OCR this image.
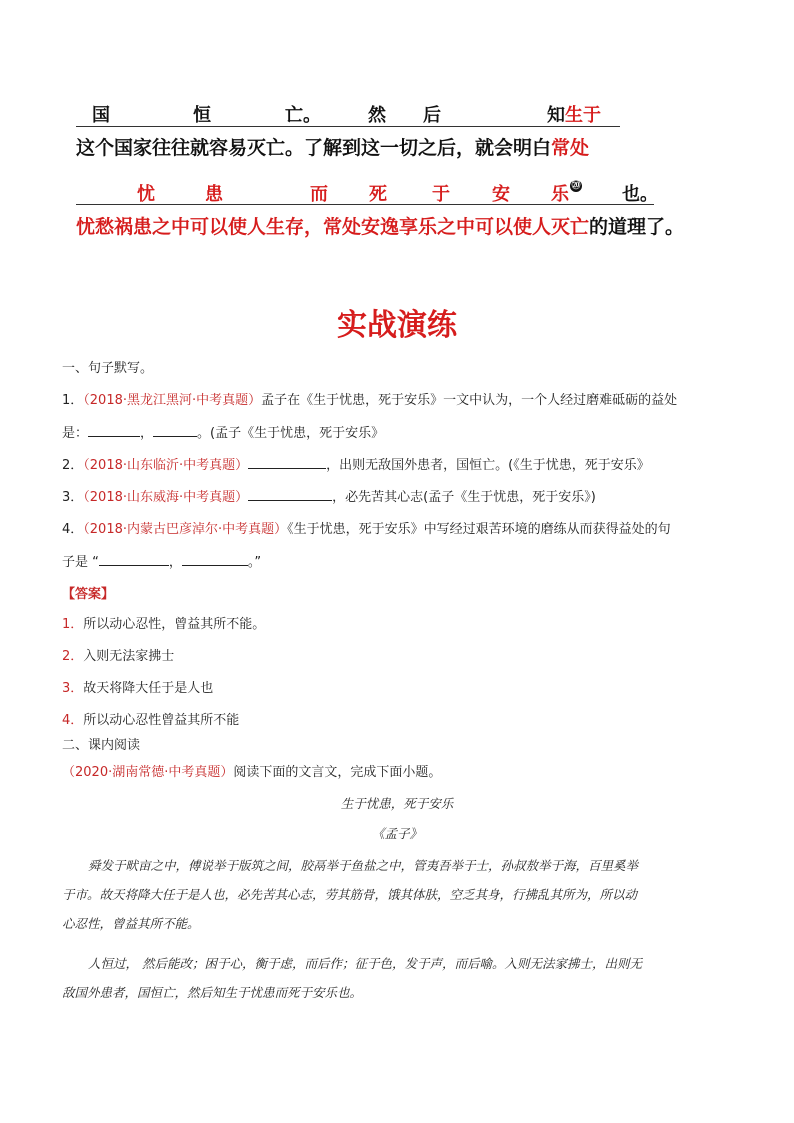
国	恒	亡。	然 后	知生于
这个国家往往就容易灭亡。了解到这一切之后，就会明白常处
忧	患	而 死	于 安 乐 ⑳ 也。
忧愁祸患之中可以使人生存，常处安逸享乐之中可以使人灭亡的道理了。
实战演练
一、句子默写。
1．（2018·黑龙江黑河·中考真题）孟子在《生于忧患，死于安乐》一文中认为，一个人经过磨难砥砺的益处
是：	，	。(孟子《生于忧患，死于安乐》
2．（2018·山东临沂·中考真题）	，出则无敌国外患者，国恒亡。(《生于忧患，死于安乐》
3．（2018·山东威海·中考真题）	，必先苦其心志(孟子《生于忧患，死于安乐》)
4．（2018·内蒙古巴彦淖尔·中考真题）《生于忧患，死于安乐》中写经过艰苦环境的磨练从而获得益处的句
子是 “	，	。”
【答案】
1．所以动心忍性，曾益其所不能。
2．入则无法家拂士
3．故天将降大任于是人也
4．所以动心忍性曾益其所不能
二、课内阅读
（2020·湖南常德·中考真题）阅读下面的文言文，完成下面小题。
生于忧患，死于安乐
《孟子》
舜发于畎亩之中，傅说举于版筑之间，胶鬲举于鱼盐之中，管夷吾举于士，孙叔敖举于海，百里奚举
于市。故天将降大任于是人也，必先苦其心志，劳其筋骨，饿其体肤，空乏其身，行拂乱其所为，所以动
心忍性，曾益其所不能。
人恒过， 然后能改；困于心，衡于虑，而后作；征于色，发于声，而后喻。入则无法家拂士，出则无
敌国外患者，国恒亡，然后知生于忧患而死于安乐也。
